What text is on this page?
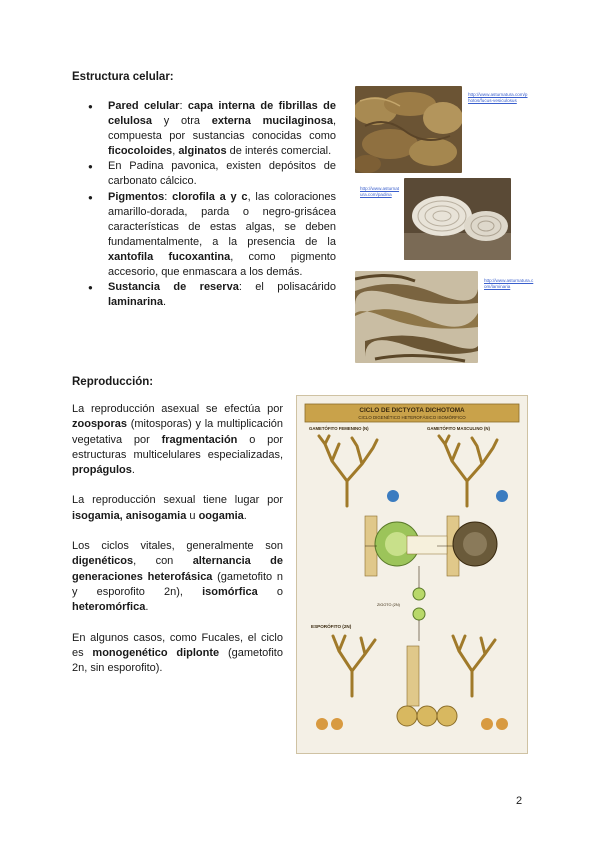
Estructura celular:
● Pared celular: capa interna de fibrillas de celulosa y otra externa mucilaginosa, compuesta por sustancias conocidas como ficocoloides, alginatos de interés comercial.
● En Padina pavonica, existen depósitos de carbonato cálcico.
● Pigmentos: clorofila a y c, las coloraciones amarillo-dorada, parda o negro-grisácea características de estas algas, se deben fundamentalmente, a la presencia de la xantofila fucoxantina, como pigmento accesorio, que enmascara a los demás.
● Sustancia de reserva: el polisacárido laminarina.
http://www.asturnatura.com/photos/fucus-vesiculosus
http://www.asturnatura.com/padina
http://www.asturnatura.com/laminaria
Reproducción:

La reproducción asexual se efectúa por zoosporas (mitosporas) y la multiplicación vegetativa por fragmentación o por estructuras multicelulares especializadas, propágulos.

La reproducción sexual tiene lugar por isogamia, anisogamia u oogamia.

Los ciclos vitales, generalmente son digenéticos, con alternancia de generaciones heterofásica (gametofito n y esporofito 2n), isomórfica o heteromórfica.

En algunos casos, como Fucales, el ciclo es monogenético diplonte (gametofito 2n, sin esporofito).

CICLO DE DICTYOTA DICHOTOMA
CICLO DIGENÉTICO HETEROFÁSICO ISOMÓRFICO
GAMETÓFITO FEMENINO (N)	GAMETÓFITO MASCULINO (N)
ESPORÓFITO (2N)
ZIGOTO (2N)
2
